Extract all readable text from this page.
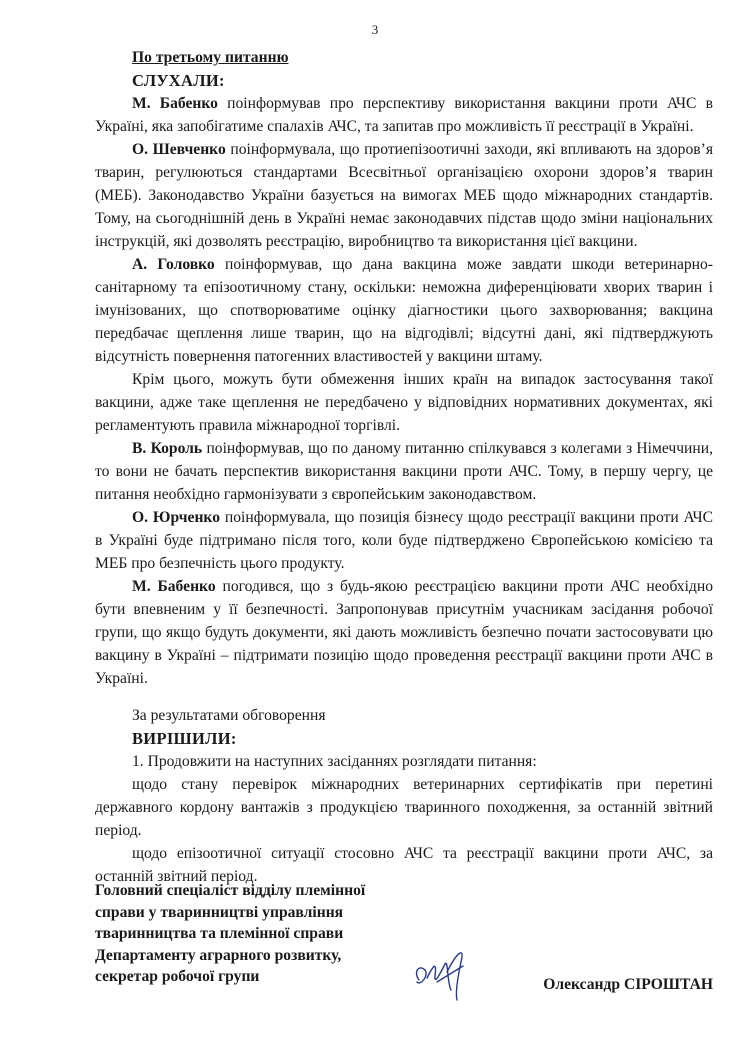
3
По третьому питанню
СЛУХАЛИ:

М. Бабенко поінформував про перспективу використання вакцини проти АЧС в Україні, яка запобігатиме спалахів АЧС, та запитав про можливість її реєстрації в Україні.

О. Шевченко поінформувала, що протиепізоотичні заходи, які впливають на здоров’я тварин, регулюються стандартами Всесвітньої організацією охорони здоров’я тварин (МЕБ). Законодавство України базується на вимогах МЕБ щодо міжнародних стандартів. Тому, на сьогоднішній день в Україні немає законодавчих підстав щодо зміни національних інструкцій, які дозволять реєстрацію, виробництво та використання цієї вакцини.

А. Головко поінформував, що дана вакцина може завдати шкоди ветеринарно-санітарному та епізоотичному стану, оскільки: неможна диференціювати хворих тварин і імунізованих, що спотворюватиме оцінку діагностики цього захворювання; вакцина передбачає щеплення лише тварин, що на відгодівлі; відсутні дані, які підтверджують відсутність повернення патогенних властивостей у вакцини штаму.

Крім цього, можуть бути обмеження інших країн на випадок застосування такої вакцини, адже таке щеплення не передбачено у відповідних нормативних документах, які регламентують правила міжнародної торгівлі.

В. Король поінформував, що по даному питанню спілкувався з колегами з Німеччини, то вони не бачать перспектив використання вакцини проти АЧС. Тому, в першу чергу, це питання необхідно гармонізувати з європейським законодавством.

О. Юрченко поінформувала, що позиція бізнесу щодо реєстрації вакцини проти АЧС в Україні буде підтримано після того, коли буде підтверджено Європейською комісією та МЕБ про безпечність цього продукту.

М. Бабенко погодився, що з будь-якою реєстрацією вакцини проти АЧС необхідно бути впевненим у її безпечності. Запропонував присутнім учасникам засідання робочої групи, що якщо будуть документи, які дають можливість безпечно почати застосовувати цю вакцину в Україні – підтримати позицію щодо проведення реєстрації вакцини проти АЧС в Україні.

За результатами обговорення

ВИРІШИЛИ:

1. Продовжити на наступних засіданнях розглядати питання:

щодо стану перевірок міжнародних ветеринарних сертифікатів при перетині державного кордону вантажів з продукцією тваринного походження, за останній звітний період.

щодо епізоотичної ситуації стосовно АЧС та реєстрації вакцини проти АЧС, за останній звітний період.

Головний спеціаліст відділу племінної
справи у тваринництві управління
тваринництва та племінної справи
Департаменту аграрного розвитку,
секретар робочої групи	Олександр СІРОШТАН
